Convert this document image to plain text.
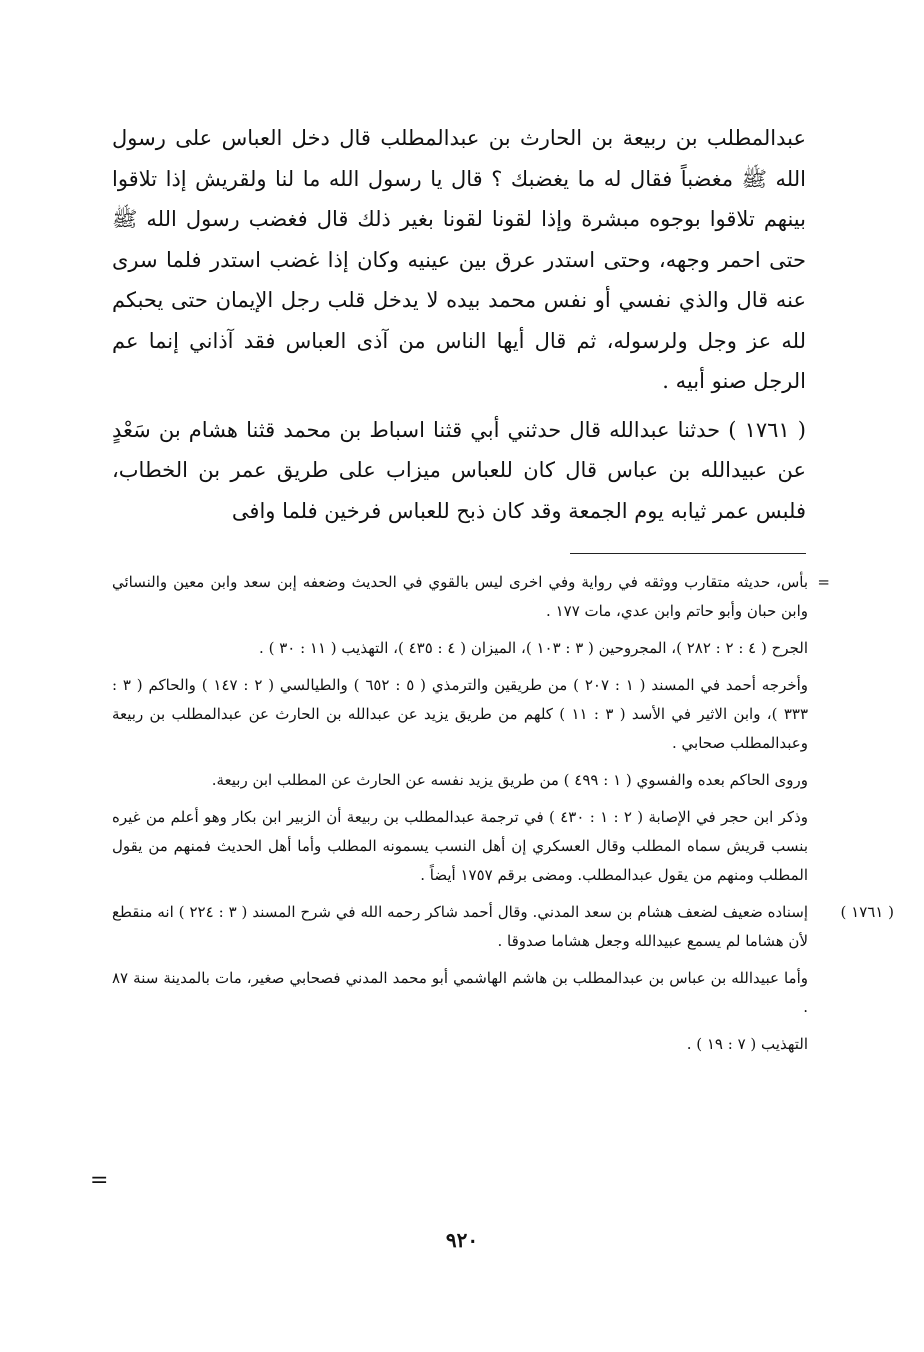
عبدالمطلب بن ربيعة بن الحارث بن عبدالمطلب قال دخل العباس على رسول الله ﷺ مغضباً فقال له ما يغضبك ؟ قال يا رسول الله ما لنا ولقريش إذا تلاقوا بينهم تلاقوا بوجوه مبشرة وإذا لقونا لقونا بغير ذلك قال فغضب رسول الله ﷺ حتى احمر وجهه، وحتى استدر عرق بين عينيه وكان إذا غضب استدر فلما سرى عنه قال والذي نفسي أو نفس محمد بيده لا يدخل قلب رجل الإيمان حتى يحبكم لله عز وجل ولرسوله، ثم قال أيها الناس من آذى العباس فقد آذاني إنما عم الرجل صنو أبيه .

( ١٧٦١ ) حدثنا عبدالله قال حدثني أبي قثنا اسباط بن محمد قثنا هشام بن سَعْدٍ عن عبيدالله بن عباس قال كان للعباس ميزاب على طريق عمر بن الخطاب، فلبس عمر ثيابه يوم الجمعة وقد كان ذبح للعباس فرخين فلما وافى

=
بأس، حديثه متقارب ووثقه في رواية وفي اخرى ليس بالقوي في الحديث وضعفه إبن سعد وابن معين والنسائي وابن حبان وأبو حاتم وابن عدي، مات ١٧٧ .
الجرح ( ٤ : ٢ : ٢٨٢ )، المجروحين ( ٣ : ١٠٣ )، الميزان ( ٤ : ٤٣٥ )، التهذيب ( ١١ : ٣٠ ) .
وأخرجه أحمد في المسند ( ١ : ٢٠٧ ) من طريقين والترمذي ( ٥ : ٦٥٢ ) والطيالسي ( ٢ : ١٤٧ ) والحاكم ( ٣ : ٣٣٣ )، وابن الاثير في الأسد ( ٣ : ١١ ) كلهم من طريق يزيد عن عبدالله بن الحارث عن عبدالمطلب بن ربيعة وعبدالمطلب صحابي .
وروى الحاكم بعده والفسوي ( ١ : ٤٩٩ ) من طريق يزيد نفسه عن الحارث عن المطلب ابن ربيعة.
وذكر ابن حجر في الإصابة ( ٢ : ١ : ٤٣٠ ) في ترجمة عبدالمطلب بن ربيعة أن الزبير ابن بكار وهو أعلم من غيره بنسب قريش سماه المطلب وقال العسكري إن أهل النسب يسمونه المطلب وأما أهل الحديث فمنهم من يقول المطلب ومنهم من يقول عبدالمطلب. ومضى برقم ١٧٥٧ أيضاً .
( ١٧٦١ )
إسناده ضعيف لضعف هشام بن سعد المدني. وقال أحمد شاكر رحمه الله في شرح المسند ( ٣ : ٢٢٤ ) انه منقطع لأن هشاما لم يسمع عبيدالله وجعل هشاما صدوقا .
وأما عبيدالله بن عباس بن عبدالمطلب بن هاشم الهاشمي أبو محمد المدني فصحابي صغير، مات بالمدينة سنة ٨٧ .
التهذيب ( ٧ : ١٩ ) .
=
٩٢٠
